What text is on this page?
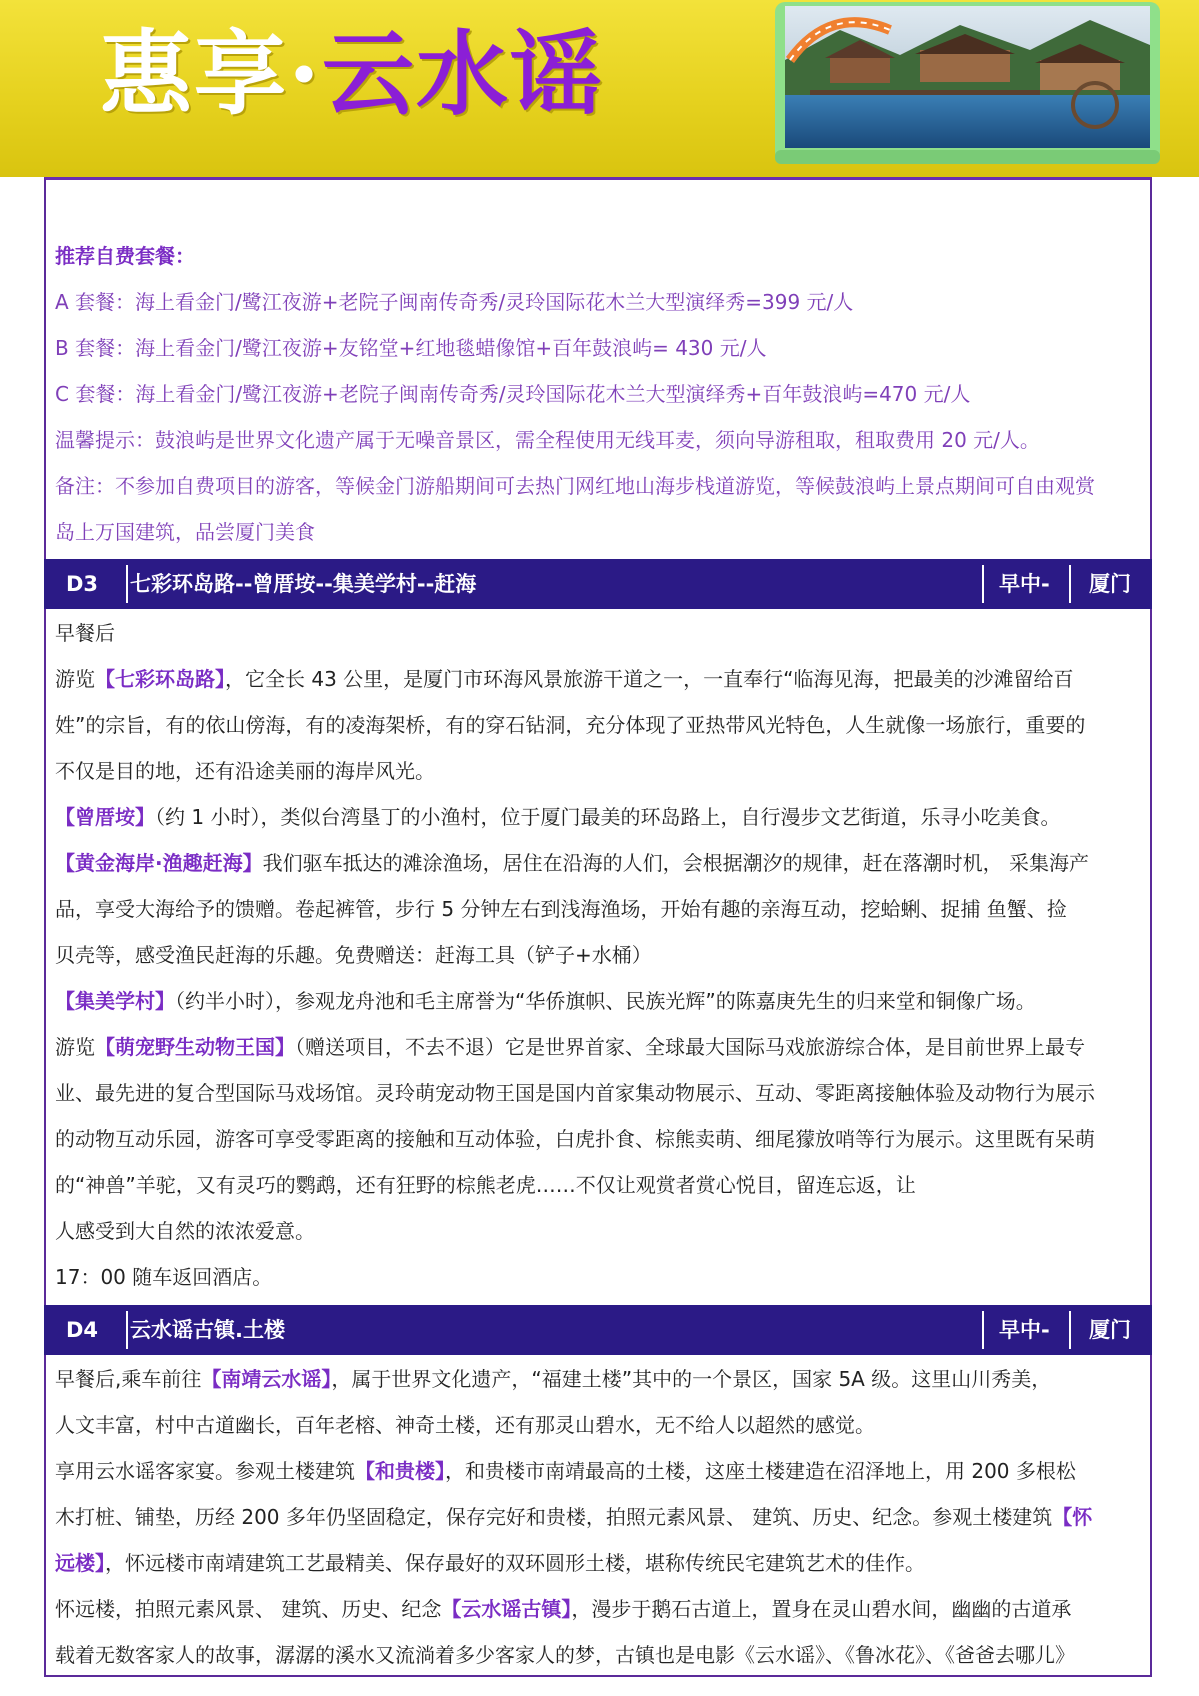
惠享·云水谣
推荐自费套餐：
A 套餐：海上看金门/鹭江夜游+老院子闽南传奇秀/灵玲国际花木兰大型演绎秀=399 元/人
B 套餐：海上看金门/鹭江夜游+友铭堂+红地毯蜡像馆+百年鼓浪屿= 430 元/人
C 套餐：海上看金门/鹭江夜游+老院子闽南传奇秀/灵玲国际花木兰大型演绎秀+百年鼓浪屿=470 元/人
温馨提示：鼓浪屿是世界文化遗产属于无噪音景区，需全程使用无线耳麦，须向导游租取，租取费用 20 元/人。
备注：不参加自费项目的游客，等候金门游船期间可去热门网红地山海步栈道游览，等候鼓浪屿上景点期间可自由观赏
岛上万国建筑，品尝厦门美食
D3 七彩环岛路--曾厝垵--集美学村--赶海	早中- 厦门
早餐后
游览【七彩环岛路】，它全长 43 公里，是厦门市环海风景旅游干道之一，一直奉行“临海见海，把最美的沙滩留给百
姓”的宗旨，有的依山傍海，有的凌海架桥，有的穿石钻洞，充分体现了亚热带风光特色，人生就像一场旅行，重要的
不仅是目的地，还有沿途美丽的海岸风光。
【曾厝垵】（约 1 小时），类似台湾垦丁的小渔村，位于厦门最美的环岛路上，自行漫步文艺街道，乐寻小吃美食。
【黄金海岸·渔趣赶海】我们驱车抵达的滩涂渔场，居住在沿海的人们，会根据潮汐的规律，赶在落潮时机， 采集海产
品，享受大海给予的馈赠。卷起裤管，步行 5 分钟左右到浅海渔场，开始有趣的亲海互动，挖蛤蜊、捉捕 鱼蟹、捡
贝壳等，感受渔民赶海的乐趣。免费赠送：赶海工具（铲子+水桶）
【集美学村】（约半小时），参观龙舟池和毛主席誉为“华侨旗帜、民族光辉”的陈嘉庚先生的归来堂和铜像广场。
游览【萌宠野生动物王国】（赠送项目，不去不退）它是世界首家、全球最大国际马戏旅游综合体，是目前世界上最专
业、最先进的复合型国际马戏场馆。灵玲萌宠动物王国是国内首家集动物展示、互动、零距离接触体验及动物行为展示
的动物互动乐园，游客可享受零距离的接触和互动体验，白虎扑食、棕熊卖萌、细尾獴放哨等行为展示。这里既有呆萌
的“神兽”羊驼，又有灵巧的鹦鹉，还有狂野的棕熊老虎……不仅让观赏者赏心悦目，留连忘返，让
人感受到大自然的浓浓爱意。
17：00 随车返回酒店。
D4 云水谣古镇.土楼	早中- 厦门
早餐后,乘车前往【南靖云水谣】，属于世界文化遗产，“福建土楼”其中的一个景区，国家 5A 级。这里山川秀美，
人文丰富，村中古道幽长，百年老榕、神奇土楼，还有那灵山碧水，无不给人以超然的感觉。
享用云水谣客家宴。参观土楼建筑【和贵楼】，和贵楼市南靖最高的土楼，这座土楼建造在沼泽地上，用 200 多根松
木打桩、铺垫，历经 200 多年仍坚固稳定，保存完好和贵楼，拍照元素风景、 建筑、历史、纪念。参观土楼建筑【怀
远楼】，怀远楼市南靖建筑工艺最精美、保存最好的双环圆形土楼，堪称传统民宅建筑艺术的佳作。
怀远楼，拍照元素风景、 建筑、历史、纪念【云水谣古镇】，漫步于鹅石古道上，置身在灵山碧水间，幽幽的古道承
载着无数客家人的故事，潺潺的溪水又流淌着多少客家人的梦，古镇也是电影《云水谣》、《鲁冰花》、《爸爸去哪儿》
